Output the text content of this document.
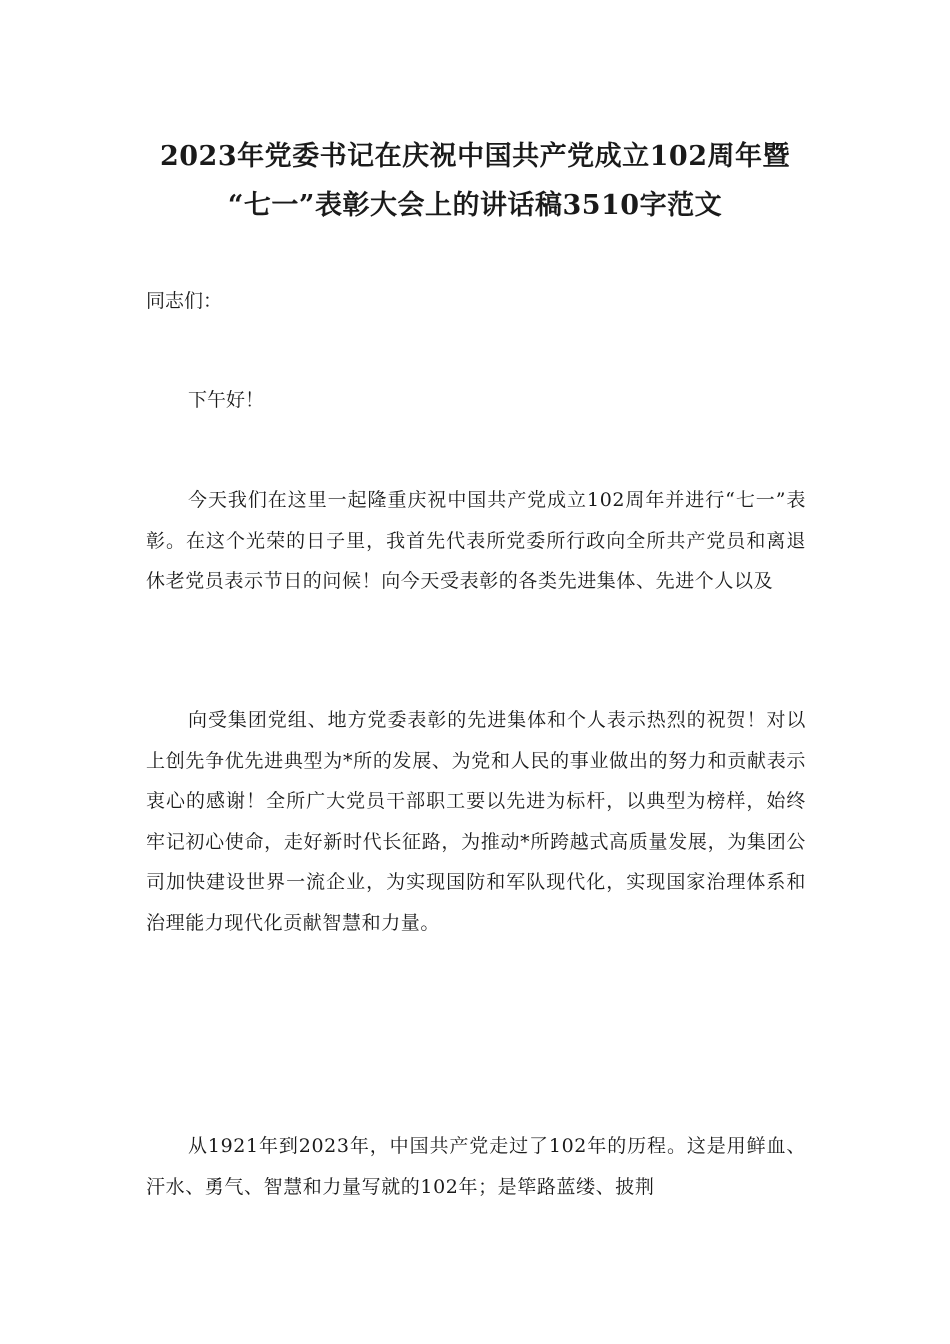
2023年党委书记在庆祝中国共产党成立102周年暨
“七一”表彰大会上的讲话稿3510字范文
同志们：
下午好！

今天我们在这里一起隆重庆祝中国共产党成立102周年并进行“七一”表彰。在这个光荣的日子里，我首先代表所党委所行政向全所共产党员和离退休老党员表示节日的问候！向今天受表彰的各类先进集体、先进个人以及

向受集团党组、地方党委表彰的先进集体和个人表示热烈的祝贺！对以上创先争优先进典型为*所的发展、为党和人民的事业做出的努力和贡献表示衷心的感谢！全所广大党员干部职工要以先进为标杆，以典型为榜样，始终牢记初心使命，走好新时代长征路，为推动*所跨越式高质量发展，为集团公司加快建设世界一流企业，为实现国防和军队现代化，实现国家治理体系和治理能力现代化贡献智慧和力量。

从1921年到2023年，中国共产党走过了102年的历程。这是用鲜血、汗水、勇气、智慧和力量写就的102年；是筚路蓝缕、披荆
